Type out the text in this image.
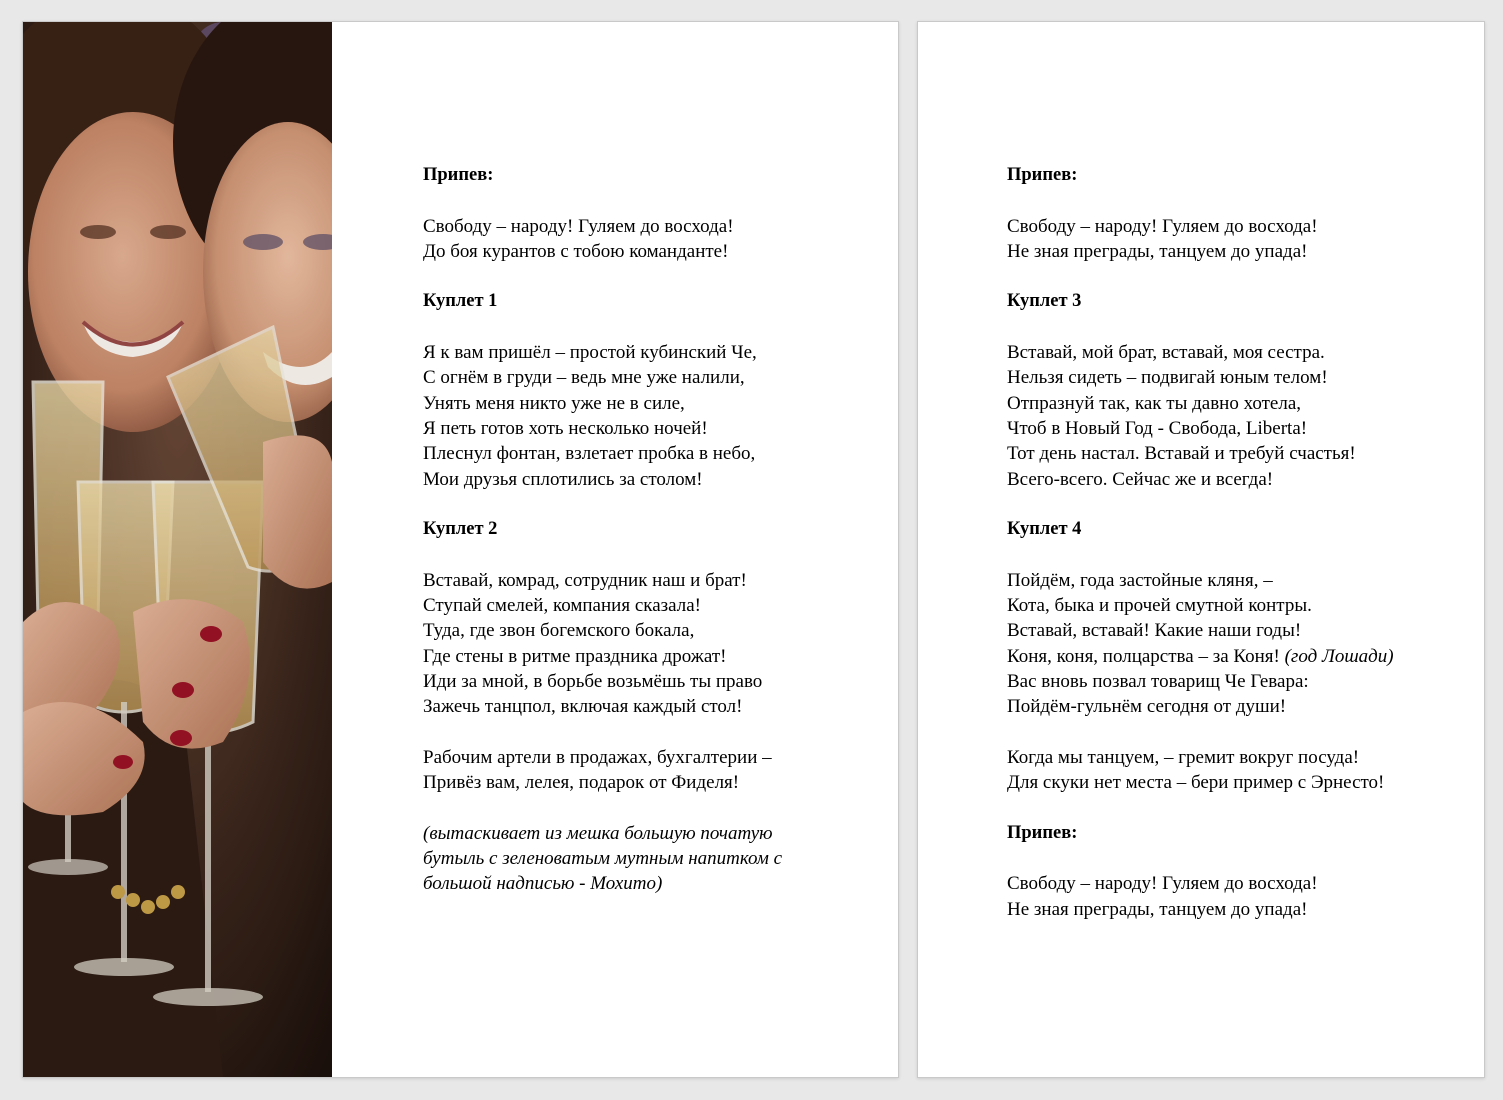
Припев:

Свободу – народу! Гуляем до восхода!
До боя курантов с тобою команданте!

Куплет 1

Я к вам пришёл – простой кубинский Че,
С огнём в груди – ведь мне уже налили,
Унять меня никто уже не в силе,
Я петь готов хоть несколько ночей!
Плеснул фонтан, взлетает пробка в небо,
Мои друзья сплотились за столом!

Куплет 2

Вставай, комрад, сотрудник наш и брат!
Ступай смелей, компания сказала!
Туда, где звон богемского бокала,
Где стены в ритме праздника дрожат!
Иди за мной, в борьбе возьмёшь ты право
Зажечь танцпол, включая каждый стол!

Рабочим артели в продажах, бухгалтерии –
Привёз вам, лелея, подарок от Фиделя!

(вытаскивает из мешка большую початую
бутыль с зеленоватым мутным напитком с
большой надписью - Мохито)

Припев:

Свободу – народу! Гуляем до восхода!
Не зная преграды, танцуем до упада!

Куплет 3

Вставай, мой брат, вставай, моя сестра.
Нельзя сидеть – подвигай юным телом!
Отпразнуй так, как ты давно хотела,
Чтоб в Новый Год - Свобода, Liberta!
Тот день настал. Вставай и требуй счастья!
Всего-всего. Сейчас же и всегда!

Куплет 4

Пойдём, года застойные кляня, –
Кота, быка и прочей смутной контры.
Вставай, вставай! Какие наши годы!
Коня, коня, полцарства – за Коня! (год Лошади)
Вас вновь позвал товарищ Че Гевара:
Пойдём-гульнём сегодня от души!

Когда мы танцуем, – гремит вокруг посуда!
Для скуки нет места – бери пример с Эрнесто!

Припев:

Свободу – народу! Гуляем до восхода!
Не зная преграды, танцуем до упада!
